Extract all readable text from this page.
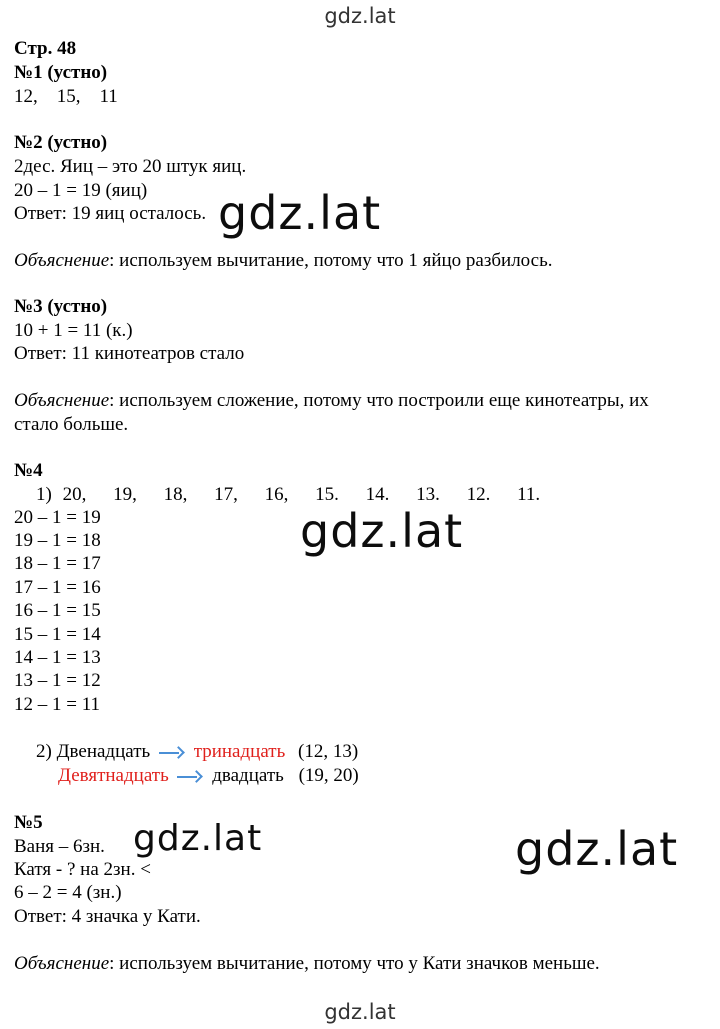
gdz.lat
gdz.lat
gdz.lat
gdz.lat	gdz.lat
gdz.lat
Стр. 48
№1 (устно)
12,    15,    11
№2 (устно)
2дес. Яиц – это 20 штук яиц.
20 – 1 = 19 (яиц)
Ответ: 19 яиц осталось.
Объяснение: используем вычитание, потому что 1 яйцо разбилось.
№3 (устно)
10 + 1 = 11 (к.)
Ответ: 11 кинотеатров стало
Объяснение: используем сложение, потому что построили еще кинотеатры, их
стало больше.
№4
1) 20, 19, 18, 17, 16, 15. 14. 13. 12. 11.
20 – 1 = 19
19 – 1 = 18
18 – 1 = 17
17 – 1 = 16
16 – 1 = 15
15 – 1 = 14
14 – 1 = 13
13 – 1 = 12
12 – 1 = 11
2) Двенадцать тринадцать (12, 13)
Девятнадцать двадцать (19, 20)
№5
Ваня – 6зн.
Катя - ? на 2зн. <
6 – 2 = 4 (зн.)
Ответ: 4 значка у Кати.
Объяснение: используем вычитание, потому что у Кати значков меньше.
